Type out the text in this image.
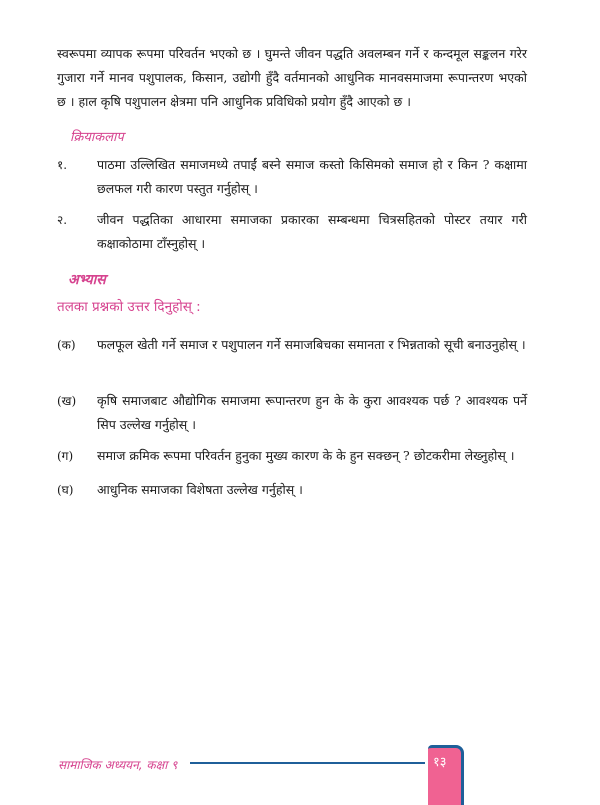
स्वरूपमा व्यापक रूपमा परिवर्तन भएको छ । घुमन्ते जीवन पद्धति अवलम्बन गर्ने र कन्दमूल सङ्कलन गरेर गुजारा गर्ने मानव पशुपालक, किसान, उद्योगी हुँदै वर्तमानको आधुनिक मानवसमाजमा रूपान्तरण भएको छ । हाल कृषि पशुपालन क्षेत्रमा पनि आधुनिक प्रविधिको प्रयोग हुँदै आएको छ ।

क्रियाकलाप
१.	पाठमा उल्लिखित समाजमध्ये तपाईं बस्ने समाज कस्तो किसिमको समाज हो र किन ? कक्षामा छलफल गरी कारण पस्तुत गर्नुहोस् ।
२.	जीवन पद्धतिका आधारमा समाजका प्रकारका सम्बन्धमा चित्रसहितको पोस्टर तयार गरी कक्षाकोठामा टाँस्नुहोस् ।
अभ्यास
तलका प्रश्नको उत्तर दिनुहोस् :
(क)	फलफूल खेती गर्ने समाज र पशुपालन गर्ने समाजबिचका समानता र भिन्नताको सूची बनाउनुहोस् ।
(ख)	कृषि समाजबाट औद्योगिक समाजमा रूपान्तरण हुन के के कुरा आवश्यक पर्छ ? आवश्यक पर्ने सिप उल्लेख गर्नुहोस् ।
(ग)	समाज क्रमिक रूपमा परिवर्तन हुनुका मुख्य कारण के के हुन सक्छन् ? छोटकरीमा लेख्नुहोस् ।
(घ)	आधुनिक समाजका विशेषता उल्लेख गर्नुहोस् ।
सामाजिक अध्ययन, कक्षा ९	१३
